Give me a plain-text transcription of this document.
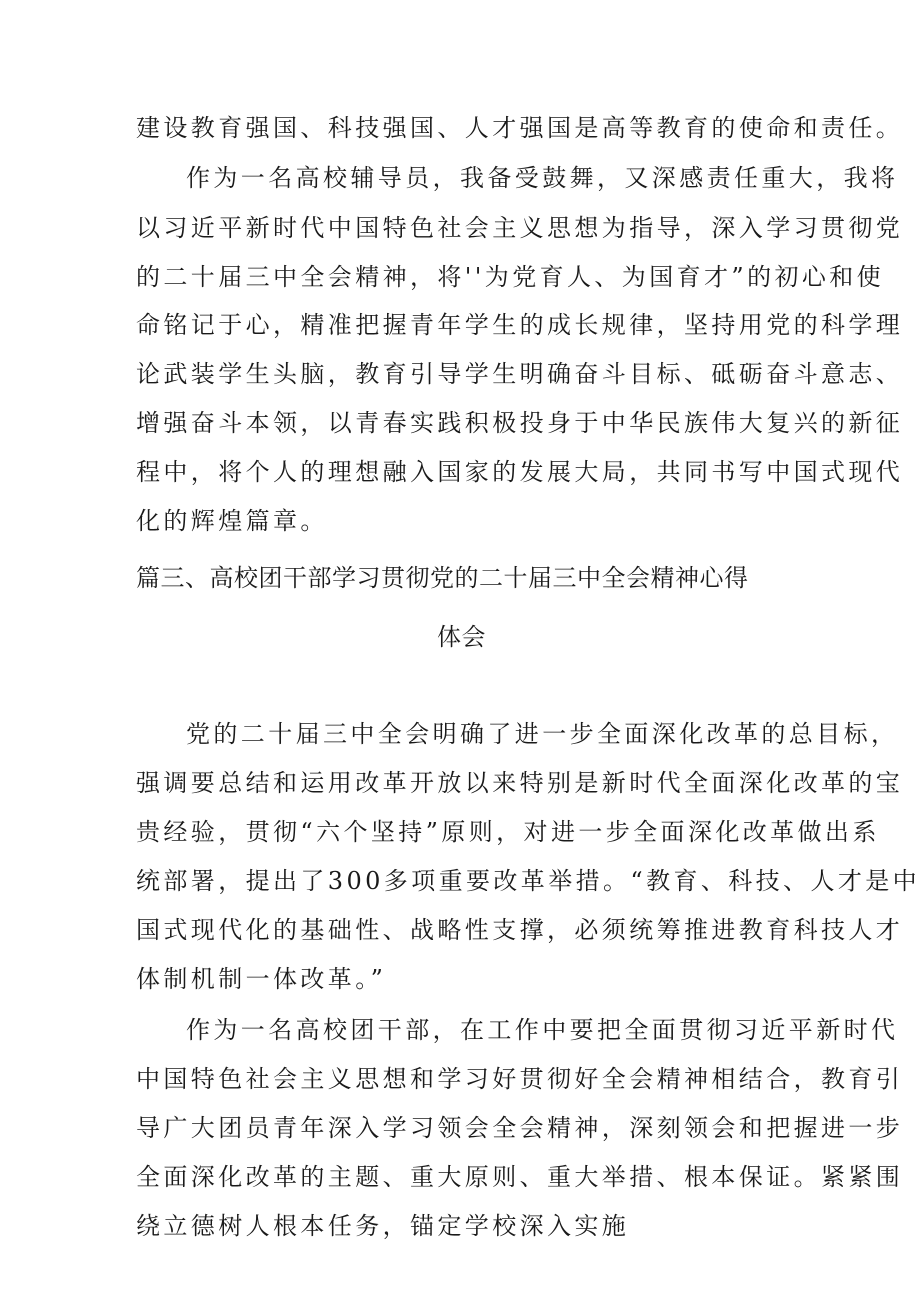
建设教育强国、科技强国、人才强国是高等教育的使命和责任。

作为一名高校辅导员，我备受鼓舞，又深感责任重大，我将

以习近平新时代中国特色社会主义思想为指导，深入学习贯彻党

的二十届三中全会精神，将''为党育人、为国育才”的初心和使

命铭记于心，精准把握青年学生的成长规律，坚持用党的科学理

论武装学生头脑，教育引导学生明确奋斗目标、砥砺奋斗意志、

增强奋斗本领，以青春实践积极投身于中华民族伟大复兴的新征

程中，将个人的理想融入国家的发展大局，共同书写中国式现代

化的辉煌篇章。

篇三、高校团干部学习贯彻党的二十届三中全会精神心得
体会

党的二十届三中全会明确了进一步全面深化改革的总目标，

强调要总结和运用改革开放以来特别是新时代全面深化改革的宝

贵经验，贯彻“六个坚持”原则，对进一步全面深化改革做出系

统部署，提出了300多项重要改革举措。“教育、科技、人才是中

国式现代化的基础性、战略性支撑，必须统筹推进教育科技人才

体制机制一体改革。”

作为一名高校团干部，在工作中要把全面贯彻习近平新时代

中国特色社会主义思想和学习好贯彻好全会精神相结合，教育引

导广大团员青年深入学习领会全会精神，深刻领会和把握进一步

全面深化改革的主题、重大原则、重大举措、根本保证。紧紧围

绕立德树人根本任务，锚定学校深入实施
